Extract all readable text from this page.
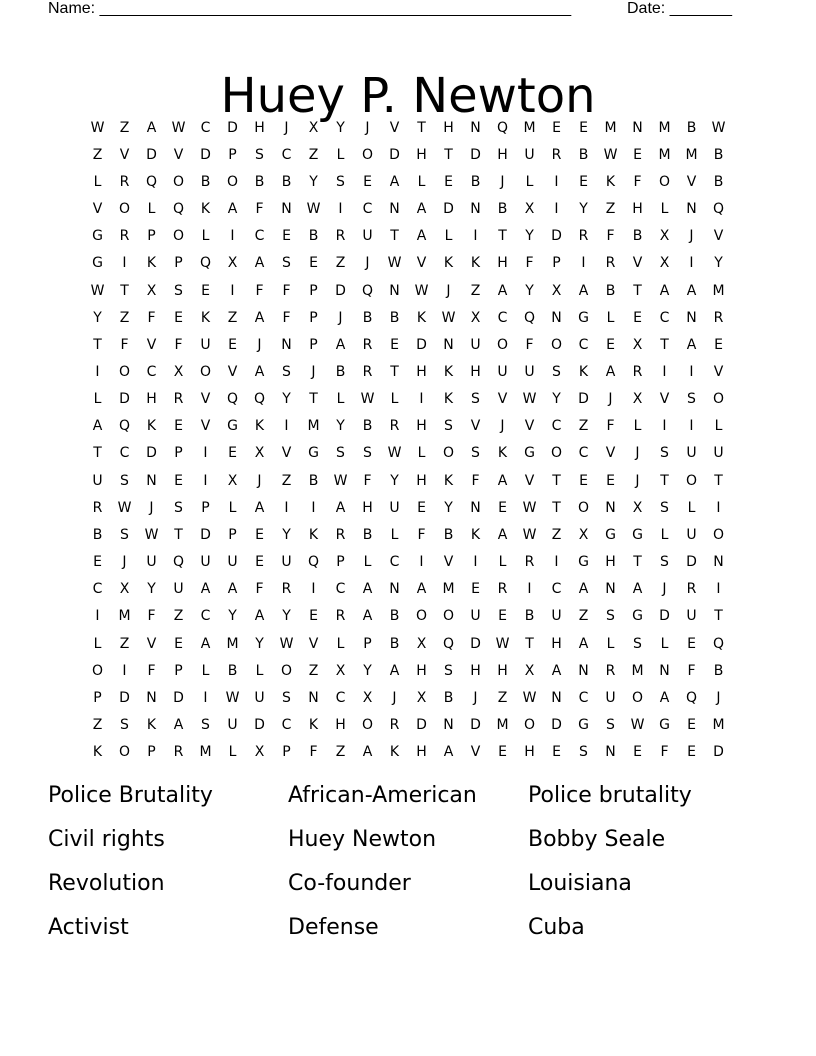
Name: _____________________________________________________	Date: _______
Huey P. Newton
W	Z	A	W	C	D	H	J	X	Y	J	V	T	H	N	Q	M	E	E	M	N	M	B	W
Z	V	D	V	D	P	S	C	Z	L	O	D	H	T	D	H	U	R	B	W	E	M	M	B
L	R	Q	O	B	O	B	B	Y	S	E	A	L	E	B	J	L	I	E	K	F	O	V	B
V	O	L	Q	K	A	F	N	W	I	C	N	A	D	N	B	X	I	Y	Z	H	L	N	Q
G	R	P	O	L	I	C	E	B	R	U	T	A	L	I	T	Y	D	R	F	B	X	J	V
G	I	K	P	Q	X	A	S	E	Z	J	W	V	K	K	H	F	P	I	R	V	X	I	Y
W	T	X	S	E	I	F	F	P	D	Q	N	W	J	Z	A	Y	X	A	B	T	A	A	M
Y	Z	F	E	K	Z	A	F	P	J	B	B	K	W	X	C	Q	N	G	L	E	C	N	R
T	F	V	F	U	E	J	N	P	A	R	E	D	N	U	O	F	O	C	E	X	T	A	E
I	O	C	X	O	V	A	S	J	B	R	T	H	K	H	U	U	S	K	A	R	I	I	V
L	D	H	R	V	Q	Q	Y	T	L	W	L	I	K	S	V	W	Y	D	J	X	V	S	O
A	Q	K	E	V	G	K	I	M	Y	B	R	H	S	V	J	V	C	Z	F	L	I	I	L
T	C	D	P	I	E	X	V	G	S	S	W	L	O	S	K	G	O	C	V	J	S	U	U
U	S	N	E	I	X	J	Z	B	W	F	Y	H	K	F	A	V	T	E	E	J	T	O	T
R	W	J	S	P	L	A	I	I	A	H	U	E	Y	N	E	W	T	O	N	X	S	L	I
B	S	W	T	D	P	E	Y	K	R	B	L	F	B	K	A	W	Z	X	G	G	L	U	O
E	J	U	Q	U	U	E	U	Q	P	L	C	I	V	I	L	R	I	G	H	T	S	D	N
C	X	Y	U	A	A	F	R	I	C	A	N	A	M	E	R	I	C	A	N	A	J	R	I
I	M	F	Z	C	Y	A	Y	E	R	A	B	O	O	U	E	B	U	Z	S	G	D	U	T
L	Z	V	E	A	M	Y	W	V	L	P	B	X	Q	D	W	T	H	A	L	S	L	E	Q
O	I	F	P	L	B	L	O	Z	X	Y	A	H	S	H	H	X	A	N	R	M	N	F	B
P	D	N	D	I	W	U	S	N	C	X	J	X	B	J	Z	W	N	C	U	O	A	Q	J
Z	S	K	A	S	U	D	C	K	H	O	R	D	N	D	M	O	D	G	S	W	G	E	M
K	O	P	R	M	L	X	P	F	Z	A	K	H	A	V	E	H	E	S	N	E	F	E	D
Police Brutality	African-American	Police brutality
Civil rights	Huey Newton	Bobby Seale
Revolution	Co-founder	Louisiana
Activist	Defense	Cuba
